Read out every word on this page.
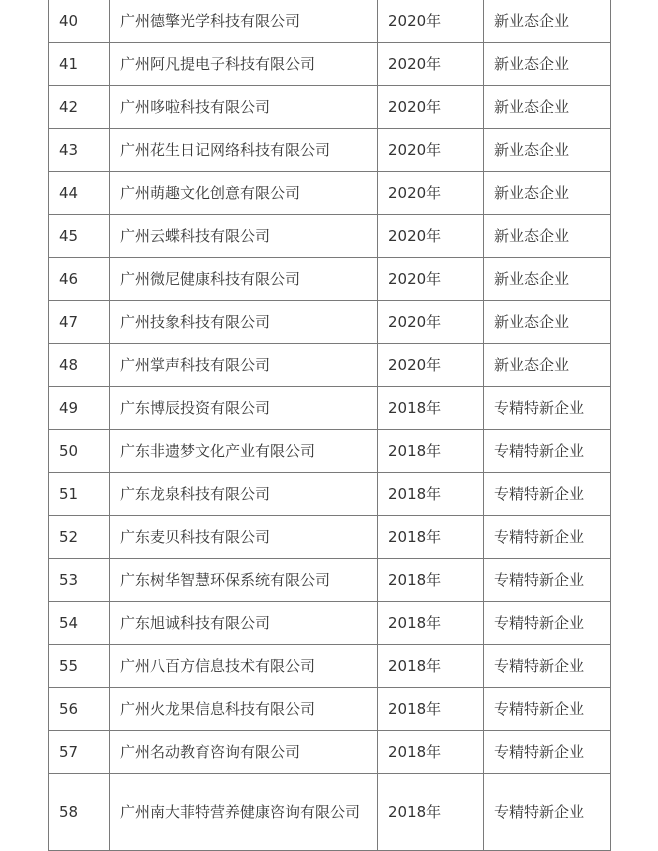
40	广州德擎光学科技有限公司	2020年	新业态企业
41	广州阿凡提电子科技有限公司	2020年	新业态企业
42	广州哆啦科技有限公司	2020年	新业态企业
43	广州花生日记网络科技有限公司	2020年	新业态企业
44	广州萌趣文化创意有限公司	2020年	新业态企业
45	广州云蝶科技有限公司	2020年	新业态企业
46	广州微尼健康科技有限公司	2020年	新业态企业
47	广州技象科技有限公司	2020年	新业态企业
48	广州掌声科技有限公司	2020年	新业态企业
49	广东博辰投资有限公司	2018年	专精特新企业
50	广东非遗梦文化产业有限公司	2018年	专精特新企业
51	广东龙泉科技有限公司	2018年	专精特新企业
52	广东麦贝科技有限公司	2018年	专精特新企业
53	广东树华智慧环保系统有限公司	2018年	专精特新企业
54	广东旭诚科技有限公司	2018年	专精特新企业
55	广州八百方信息技术有限公司	2018年	专精特新企业
56	广州火龙果信息科技有限公司	2018年	专精特新企业
57	广州名动教育咨询有限公司	2018年	专精特新企业
58	广州南大菲特营养健康咨询有限公司	2018年	专精特新企业
